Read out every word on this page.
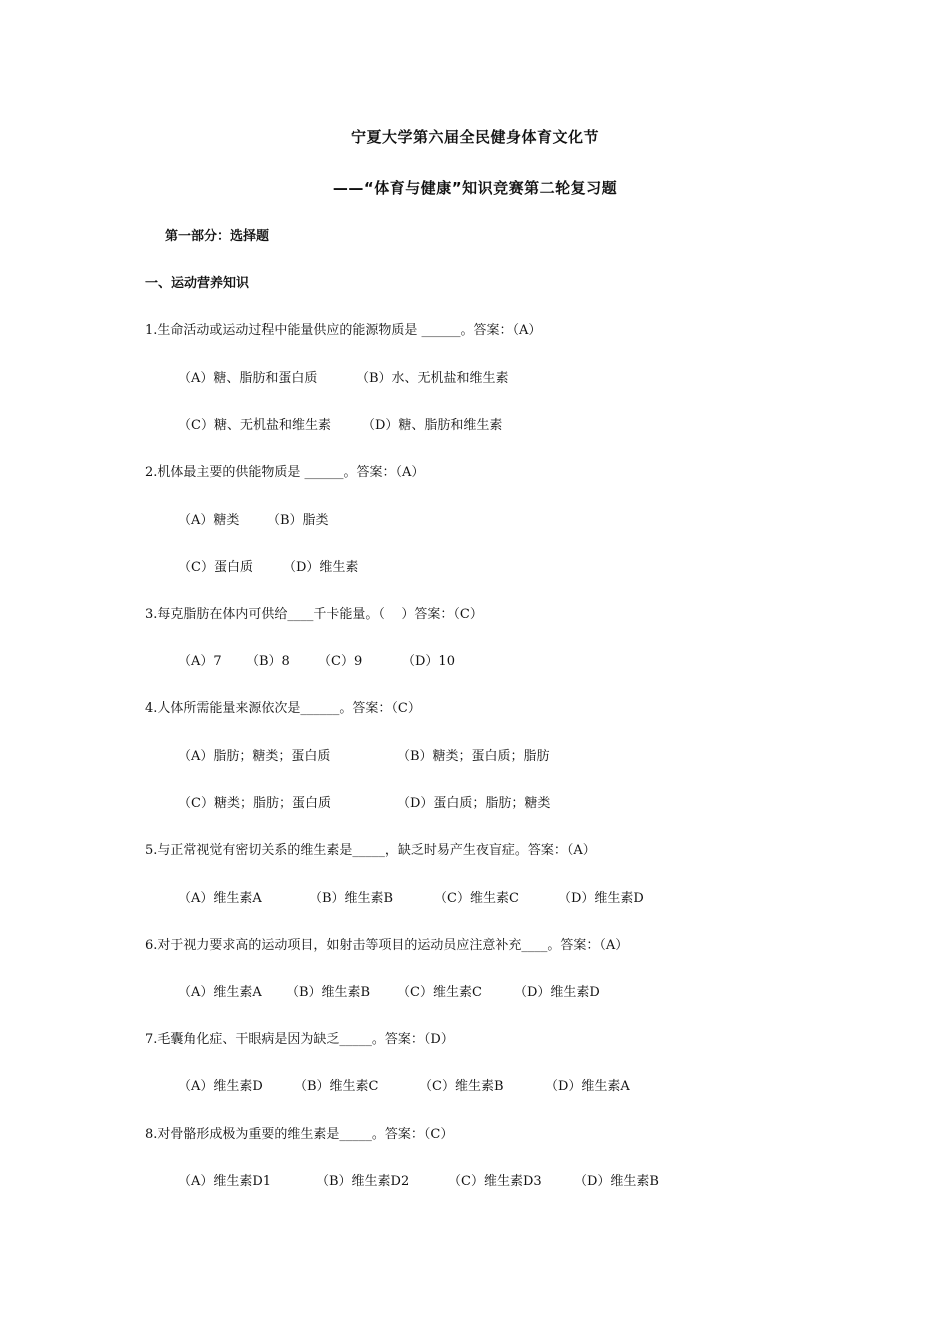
宁夏大学第六届全民健身体育文化节
——“体育与健康”知识竞赛第二轮复习题
第一部分：选择题
一、运动营养知识
1.生命活动或运动过程中能量供应的能源物质是 ______。答案：（A）
（A）糖、脂肪和蛋白质	（B）水、无机盐和维生素
（C）糖、无机盐和维生素 （D）糖、脂肪和维生素
2.机体最主要的供能物质是 ______。答案：（A）
（A）糖类 （B）脂类
（C）蛋白质 （D）维生素
3.每克脂肪在体内可供给____千卡能量。（    ）答案：（C）
（A）7 （B）8 （C）9	（D）10
4.人体所需能量来源依次是______。答案：（C）
（A）脂肪；糖类；蛋白质	（B）糖类；蛋白质；脂肪
（C）糖类；脂肪；蛋白质	（D）蛋白质；脂肪；糖类
5.与正常视觉有密切关系的维生素是_____，缺乏时易产生夜盲症。答案：（A）
（A）维生素A	（B）维生素B	（C）维生素C	（D）维生素D
6.对于视力要求高的运动项目，如射击等项目的运动员应注意补充____。答案：（A）
（A）维生素A （B）维生素B （C）维生素C （D）维生素D
7.毛囊角化症、干眼病是因为缺乏_____。答案：（D）
（A）维生素D （B）维生素C	（C）维生素B	（D）维生素A
8.对骨骼形成极为重要的维生素是_____。答案：（C）
（A）维生素D1	（B）维生素D2	（C）维生素D3 （D）维生素B
